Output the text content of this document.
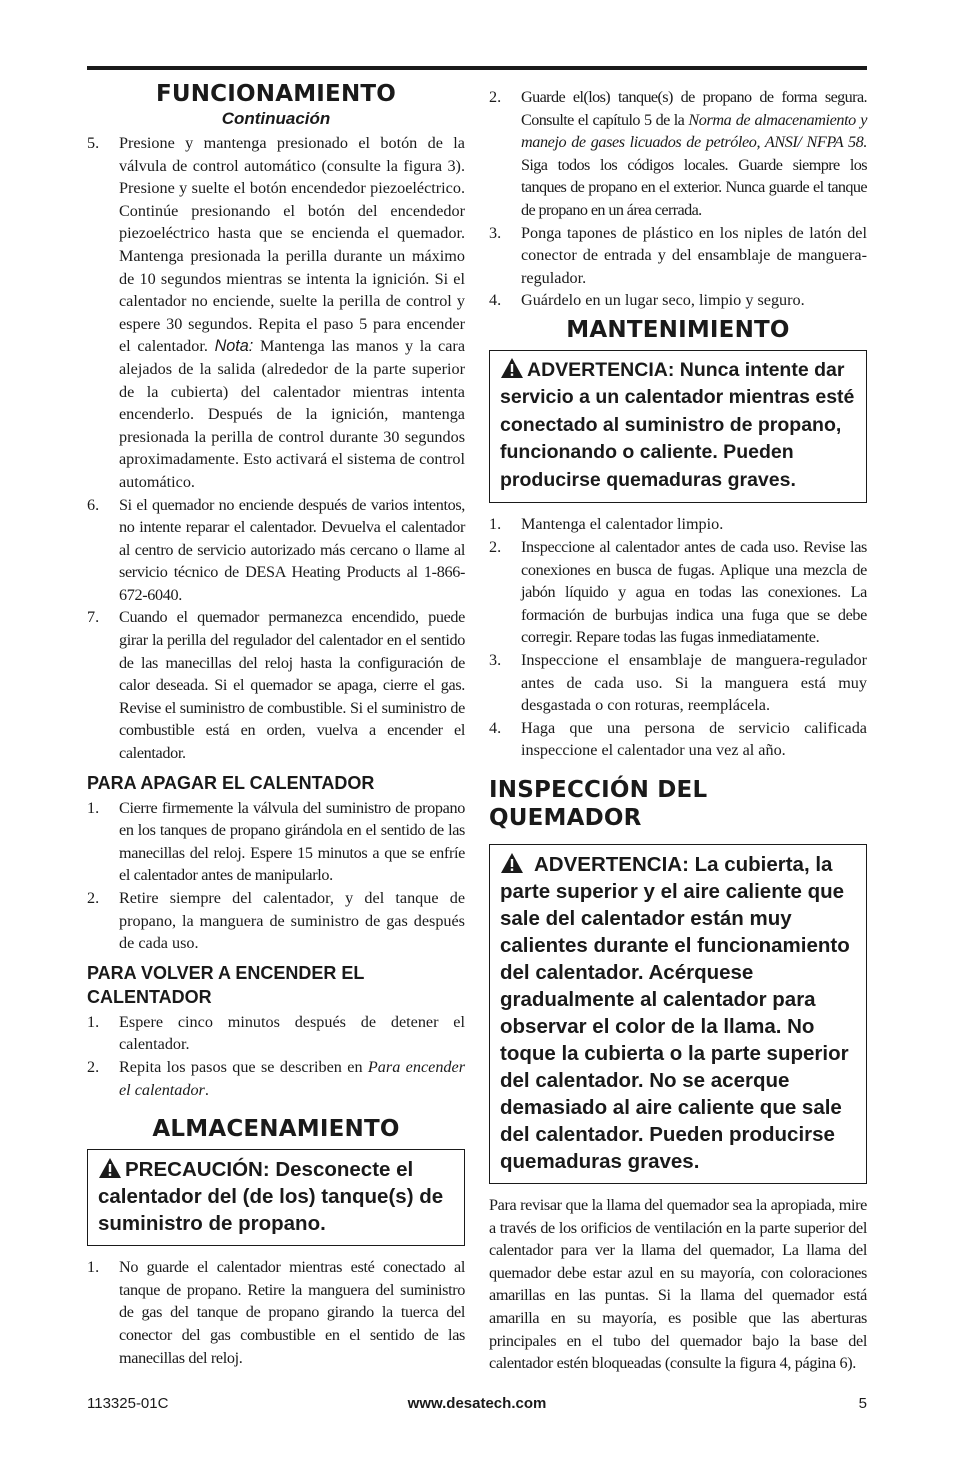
FUNCIONAMIENTO
Continuación
5. Presione y mantenga presionado el botón de la válvula de control automático (consulte la figura 3). Presione y suelte el botón encendedor piezoeléctrico. Continúe presionando el botón del encendedor piezoeléctrico hasta que se encienda el quemador. Mantenga presionada la perilla durante un máximo de 10 segundos mientras se intenta la ignición. Si el calentador no enciende, suelte la perilla de control y espere 30 segundos. Repita el paso 5 para encender el calentador. Nota: Mantenga las manos y la cara alejados de la salida (alrededor de la parte superior de la cubierta) del calentador mientras intenta encenderlo. Después de la ignición, mantenga presionada la perilla de control durante 30 segundos aproximadamente. Esto activará el sistema de control automático.
6. Si el quemador no enciende después de varios intentos, no intente reparar el calentador. Devuelva el calentador al centro de servicio autorizado más cercano o llame al servicio técnico de DESA Heating Products al 1-866-672-6040.
7. Cuando el quemador permanezca encendido, puede girar la perilla del regulador del calentador en el sentido de las manecillas del reloj hasta la configuración de calor deseada. Si el quemador se apaga, cierre el gas. Revise el suministro de combustible. Si el suministro de combustible está en orden, vuelva a encender el calentador.
PARA APAGAR EL CALENTADOR
1. Cierre firmemente la válvula del suministro de propano en los tanques de propano girándola en el sentido de las manecillas del reloj. Espere 15 minutos a que se enfríe el calentador antes de manipularlo.
2. Retire siempre del calentador, y del tanque de propano, la manguera de suministro de gas después de cada uso.
PARA VOLVER A ENCENDER EL CALENTADOR
1. Espere cinco minutos después de detener el calentador.
2. Repita los pasos que se describen en Para encender el calentador.
ALMACENAMIENTO
PRECAUCIÓN: Desconecte el calentador del (de los) tanque(s) de suministro de propano.
1. No guarde el calentador mientras esté conectado al tanque de propano. Retire la manguera del suministro de gas del tanque de propano girando la tuerca del conector del gas combustible en el sentido de las manecillas del reloj.
2. Guarde el(los) tanque(s) de propano de forma segura. Consulte el capítulo 5 de la Norma de almacenamiento y manejo de gases licuados de petróleo, ANSI/ NFPA 58. Siga todos los códigos locales. Guarde siempre los tanques de propano en el exterior. Nunca guarde el tanque de propano en un área cerrada.
3. Ponga tapones de plástico en los niples de latón del conector de entrada y del ensamblaje de manguera-regulador.
4. Guárdelo en un lugar seco, limpio y seguro.
MANTENIMIENTO
ADVERTENCIA: Nunca intente dar servicio a un calentador mientras esté conectado al suministro de propano, funcionando o caliente. Pueden producirse quemaduras graves.
1. Mantenga el calentador limpio.
2. Inspeccione al calentador antes de cada uso. Revise las conexiones en busca de fugas. Aplique una mezcla de jabón líquido y agua en todas las conexiones. La formación de burbujas indica una fuga que se debe corregir. Repare todas las fugas inmediatamente.
3. Inspeccione el ensamblaje de manguera-regulador antes de cada uso. Si la manguera está muy desgastada o con roturas, reemplácela.
4. Haga que una persona de servicio calificada inspeccione el calentador una vez al año.
INSPECCIÓN DEL QUEMADOR
ADVERTENCIA: La cubierta, la parte superior y el aire caliente que sale del calentador están muy calientes durante el funcionamiento del calentador. Acérquese gradualmente al calentador para observar el color de la llama. No toque la cubierta o la parte superior del calentador. No se acerque demasiado al aire caliente que sale del calentador. Pueden producirse quemaduras graves.

Para revisar que la llama del quemador sea la apropiada, mire a través de los orificios de ventilación en la parte superior del calentador para ver la llama del quemador, La llama del quemador debe estar azul en su mayoría, con coloraciones amarillas en las puntas. Si la llama del quemador está amarilla en su mayoría, es posible que las aberturas principales en el tubo del quemador bajo la base del calentador estén bloqueadas (consulte la figura 4, página 6).

113325-01C	www.desatech.com	5
